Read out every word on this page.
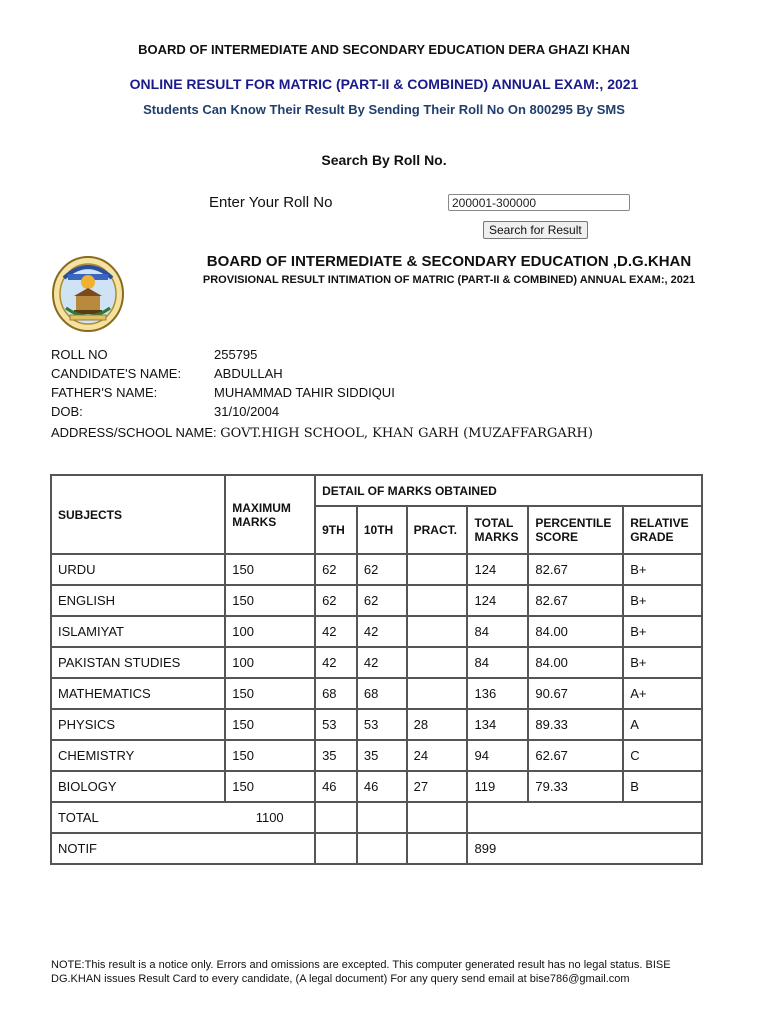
BOARD OF INTERMEDIATE AND SECONDARY EDUCATION DERA GHAZI KHAN
ONLINE RESULT FOR MATRIC (PART-II & COMBINED) ANNUAL EXAM:, 2021
Students Can Know Their Result By Sending Their Roll No On 800295 By SMS
Search By Roll No.
Enter Your Roll No
200001-300000
Search for Result
BOARD OF INTERMEDIATE & SECONDARY EDUCATION ,D.G.KHAN
PROVISIONAL RESULT INTIMATION OF MATRIC (PART-II & COMBINED) ANNUAL EXAM:, 2021
ROLL NO	255795
CANDIDATE'S NAME:	ABDULLAH
FATHER'S NAME:	MUHAMMAD TAHIR SIDDIQUI
DOB:	31/10/2004
ADDRESS/SCHOOL NAME: GOVT.HIGH SCHOOL, KHAN GARH (MUZAFFARGARH)
SUBJECTS	MAXIMUM MARKS	DETAIL OF MARKS OBTAINED					
		9TH	10TH	PRACT.	TOTAL MARKS	PERCENTILE SCORE	RELATIVE GRADE
URDU	150	62	62		124	82.67	B+
ENGLISH	150	62	62		124	82.67	B+
ISLAMIYAT	100	42	42		84	84.00	B+
PAKISTAN STUDIES	100	42	42		84	84.00	B+
MATHEMATICS	150	68	68		136	90.67	A+
PHYSICS	150	53	53	28	134	89.33	A
CHEMISTRY	150	35	35	24	94	62.67	C
BIOLOGY	150	46	46	27	119	79.33	B
TOTAL 1100							
NOTIF					899		
NOTE:This result is a notice only. Errors and omissions are excepted. This computer generated result has no legal status. BISE DG.KHAN issues Result Card to every candidate, (A legal document) For any query send email at bise786@gmail.com
